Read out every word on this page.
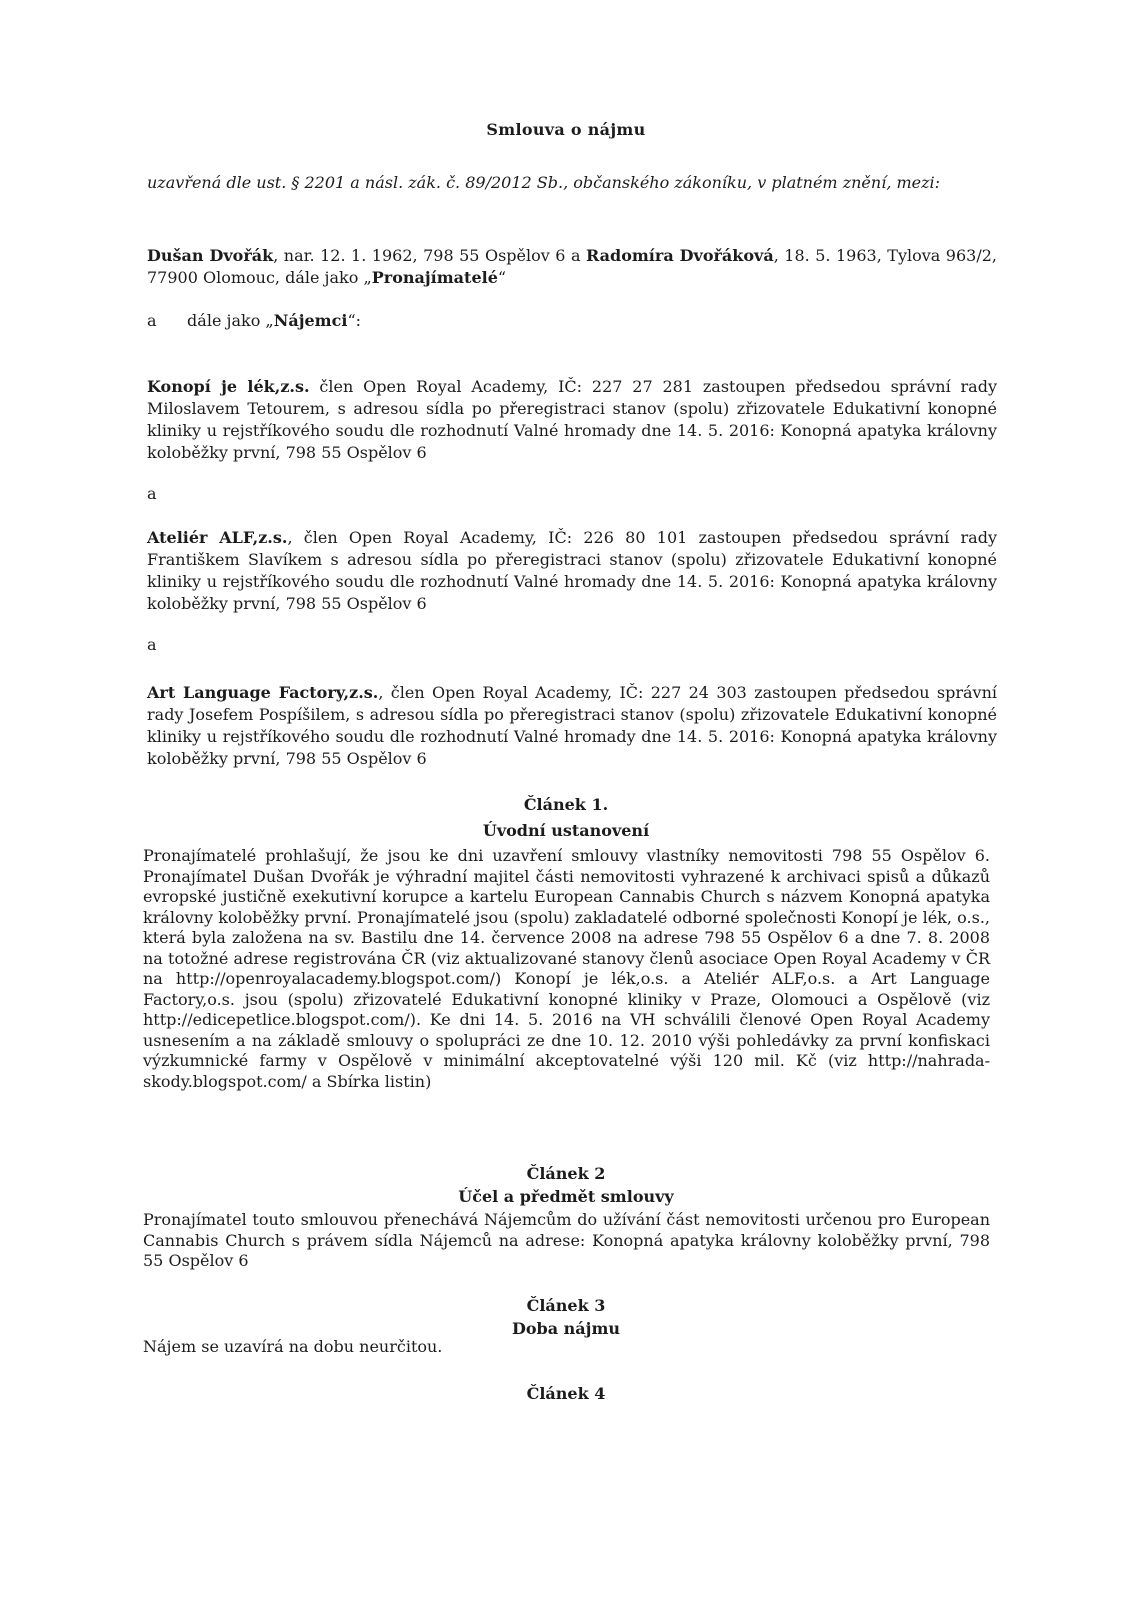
Smlouva o nájmu

uzavřená dle ust. § 2201 a násl. zák. č. 89/2012 Sb., občanského zákoníku, v platném znění, mezi:

Dušan Dvořák, nar. 12. 1. 1962, 798 55 Ospělov 6 a Radomíra Dvořáková, 18. 5. 1963, Tylova 963/2, 77900 Olomouc, dále jako „Pronajímatelé“

a      dále jako „Nájemci“:

Konopí je lék,z.s. člen Open Royal Academy, IČ: 227 27 281 zastoupen předsedou správní rady Miloslavem Tetourem, s adresou sídla po přeregistraci stanov (spolu) zřizovatele Edukativní konopné kliniky u rejstříkového soudu dle rozhodnutí Valné hromady dne 14. 5. 2016: Konopná apatyka královny koloběžky první, 798 55 Ospělov 6

a

Ateliér ALF,z.s., člen Open Royal Academy, IČ: 226 80 101 zastoupen předsedou správní rady Františkem Slavíkem s adresou sídla po přeregistraci stanov (spolu) zřizovatele Edukativní konopné kliniky u rejstříkového soudu dle rozhodnutí Valné hromady dne 14. 5. 2016: Konopná apatyka královny koloběžky první, 798 55 Ospělov 6

a

Art Language Factory,z.s., člen Open Royal Academy, IČ: 227 24 303 zastoupen předsedou správní rady Josefem Pospíšilem, s adresou sídla po přeregistraci stanov (spolu) zřizovatele Edukativní konopné kliniky u rejstříkového soudu dle rozhodnutí Valné hromady dne 14. 5. 2016: Konopná apatyka královny koloběžky první, 798 55 Ospělov 6

Článek 1.
Úvodní ustanovení

Pronajímatelé prohlašují, že jsou ke dni uzavření smlouvy vlastníky nemovitosti 798 55 Ospělov 6. Pronajímatel Dušan Dvořák je výhradní majitel části nemovitosti vyhrazené k archivaci spisů a důkazů evropské justičně exekutivní korupce a kartelu European Cannabis Church s názvem Konopná apatyka královny koloběžky první. Pronajímatelé jsou (spolu) zakladatelé odborné společnosti Konopí je lék, o.s., která byla založena na sv. Bastilu dne 14. července 2008 na adrese 798 55 Ospělov 6 a dne 7. 8. 2008 na totožné adrese registrována ČR (viz aktualizované stanovy členů asociace Open Royal Academy v ČR na http://openroyalacademy.blogspot.com/) Konopí je lék,o.s. a Ateliér ALF,o.s. a Art Language Factory,o.s. jsou (spolu) zřizovatelé Edukativní konopné kliniky v Praze, Olomouci a Ospělově (viz http://edicepetlice.blogspot.com/). Ke dni 14. 5. 2016 na VH schválili členové Open Royal Academy usnesením a na základě smlouvy o spolupráci ze dne 10. 12. 2010 výši pohledávky za první konfiskaci výzkumnické farmy v Ospělově v minimální akceptovatelné výši 120 mil. Kč (viz http://nahrada-skody.blogspot.com/ a Sbírka listin)

Článek 2
Účel a předmět smlouvy

Pronajímatel touto smlouvou přenechává Nájemcům do užívání část nemovitosti určenou pro European Cannabis Church s právem sídla Nájemců na adrese: Konopná apatyka královny koloběžky první, 798 55 Ospělov 6

Článek 3
Doba nájmu

Nájem se uzavírá na dobu neurčitou.

Článek 4
